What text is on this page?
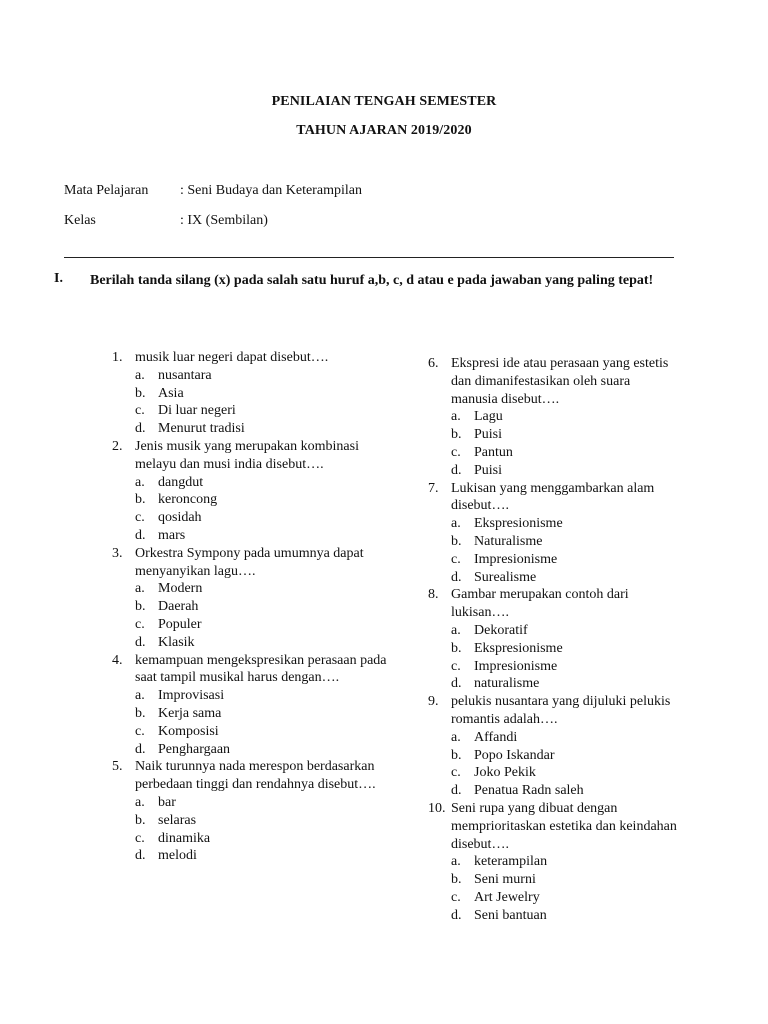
PENILAIAN TENGAH SEMESTER
TAHUN AJARAN 2019/2020
Mata Pelajaran : Seni Budaya dan Keterampilan
Kelas	: IX (Sembilan)
I. Berilah tanda silang (x) pada salah satu huruf a,b, c, d atau e pada jawaban yang paling tepat!
1. musik luar negeri dapat disebut….
a. nusantara
b. Asia
c. Di luar negeri
d. Menurut tradisi
2. Jenis musik yang merupakan kombinasi melayu dan musi india disebut….
a. dangdut
b. keroncong
c. qosidah
d. mars
3. Orkestra Sympony pada umumnya dapat menyanyikan lagu….
a. Modern
b. Daerah
c. Populer
d. Klasik
4. kemampuan mengekspresikan perasaan pada saat tampil musikal harus dengan….
a. Improvisasi
b. Kerja sama
c. Komposisi
d. Penghargaan
5. Naik turunnya nada merespon berdasarkan perbedaan tinggi dan rendahnya disebut….
a. bar
b. selaras
c. dinamika
d. melodi
6. Ekspresi ide atau perasaan yang estetis dan dimanifestasikan oleh suara manusia disebut….
a. Lagu
b. Puisi
c. Pantun
d. Puisi
7. Lukisan yang menggambarkan alam disebut….
a. Ekspresionisme
b. Naturalisme
c. Impresionisme
d. Surealisme
8. Gambar merupakan contoh dari lukisan….
a. Dekoratif
b. Ekspresionisme
c. Impresionisme
d. naturalisme
9. pelukis nusantara yang dijuluki pelukis romantis adalah….
a. Affandi
b. Popo Iskandar
c. Joko Pekik
d. Penatua Radn saleh
10. Seni rupa yang dibuat dengan memprioritaskan estetika dan keindahan disebut….
a. keterampilan
b. Seni murni
c. Art Jewelry
d. Seni bantuan
